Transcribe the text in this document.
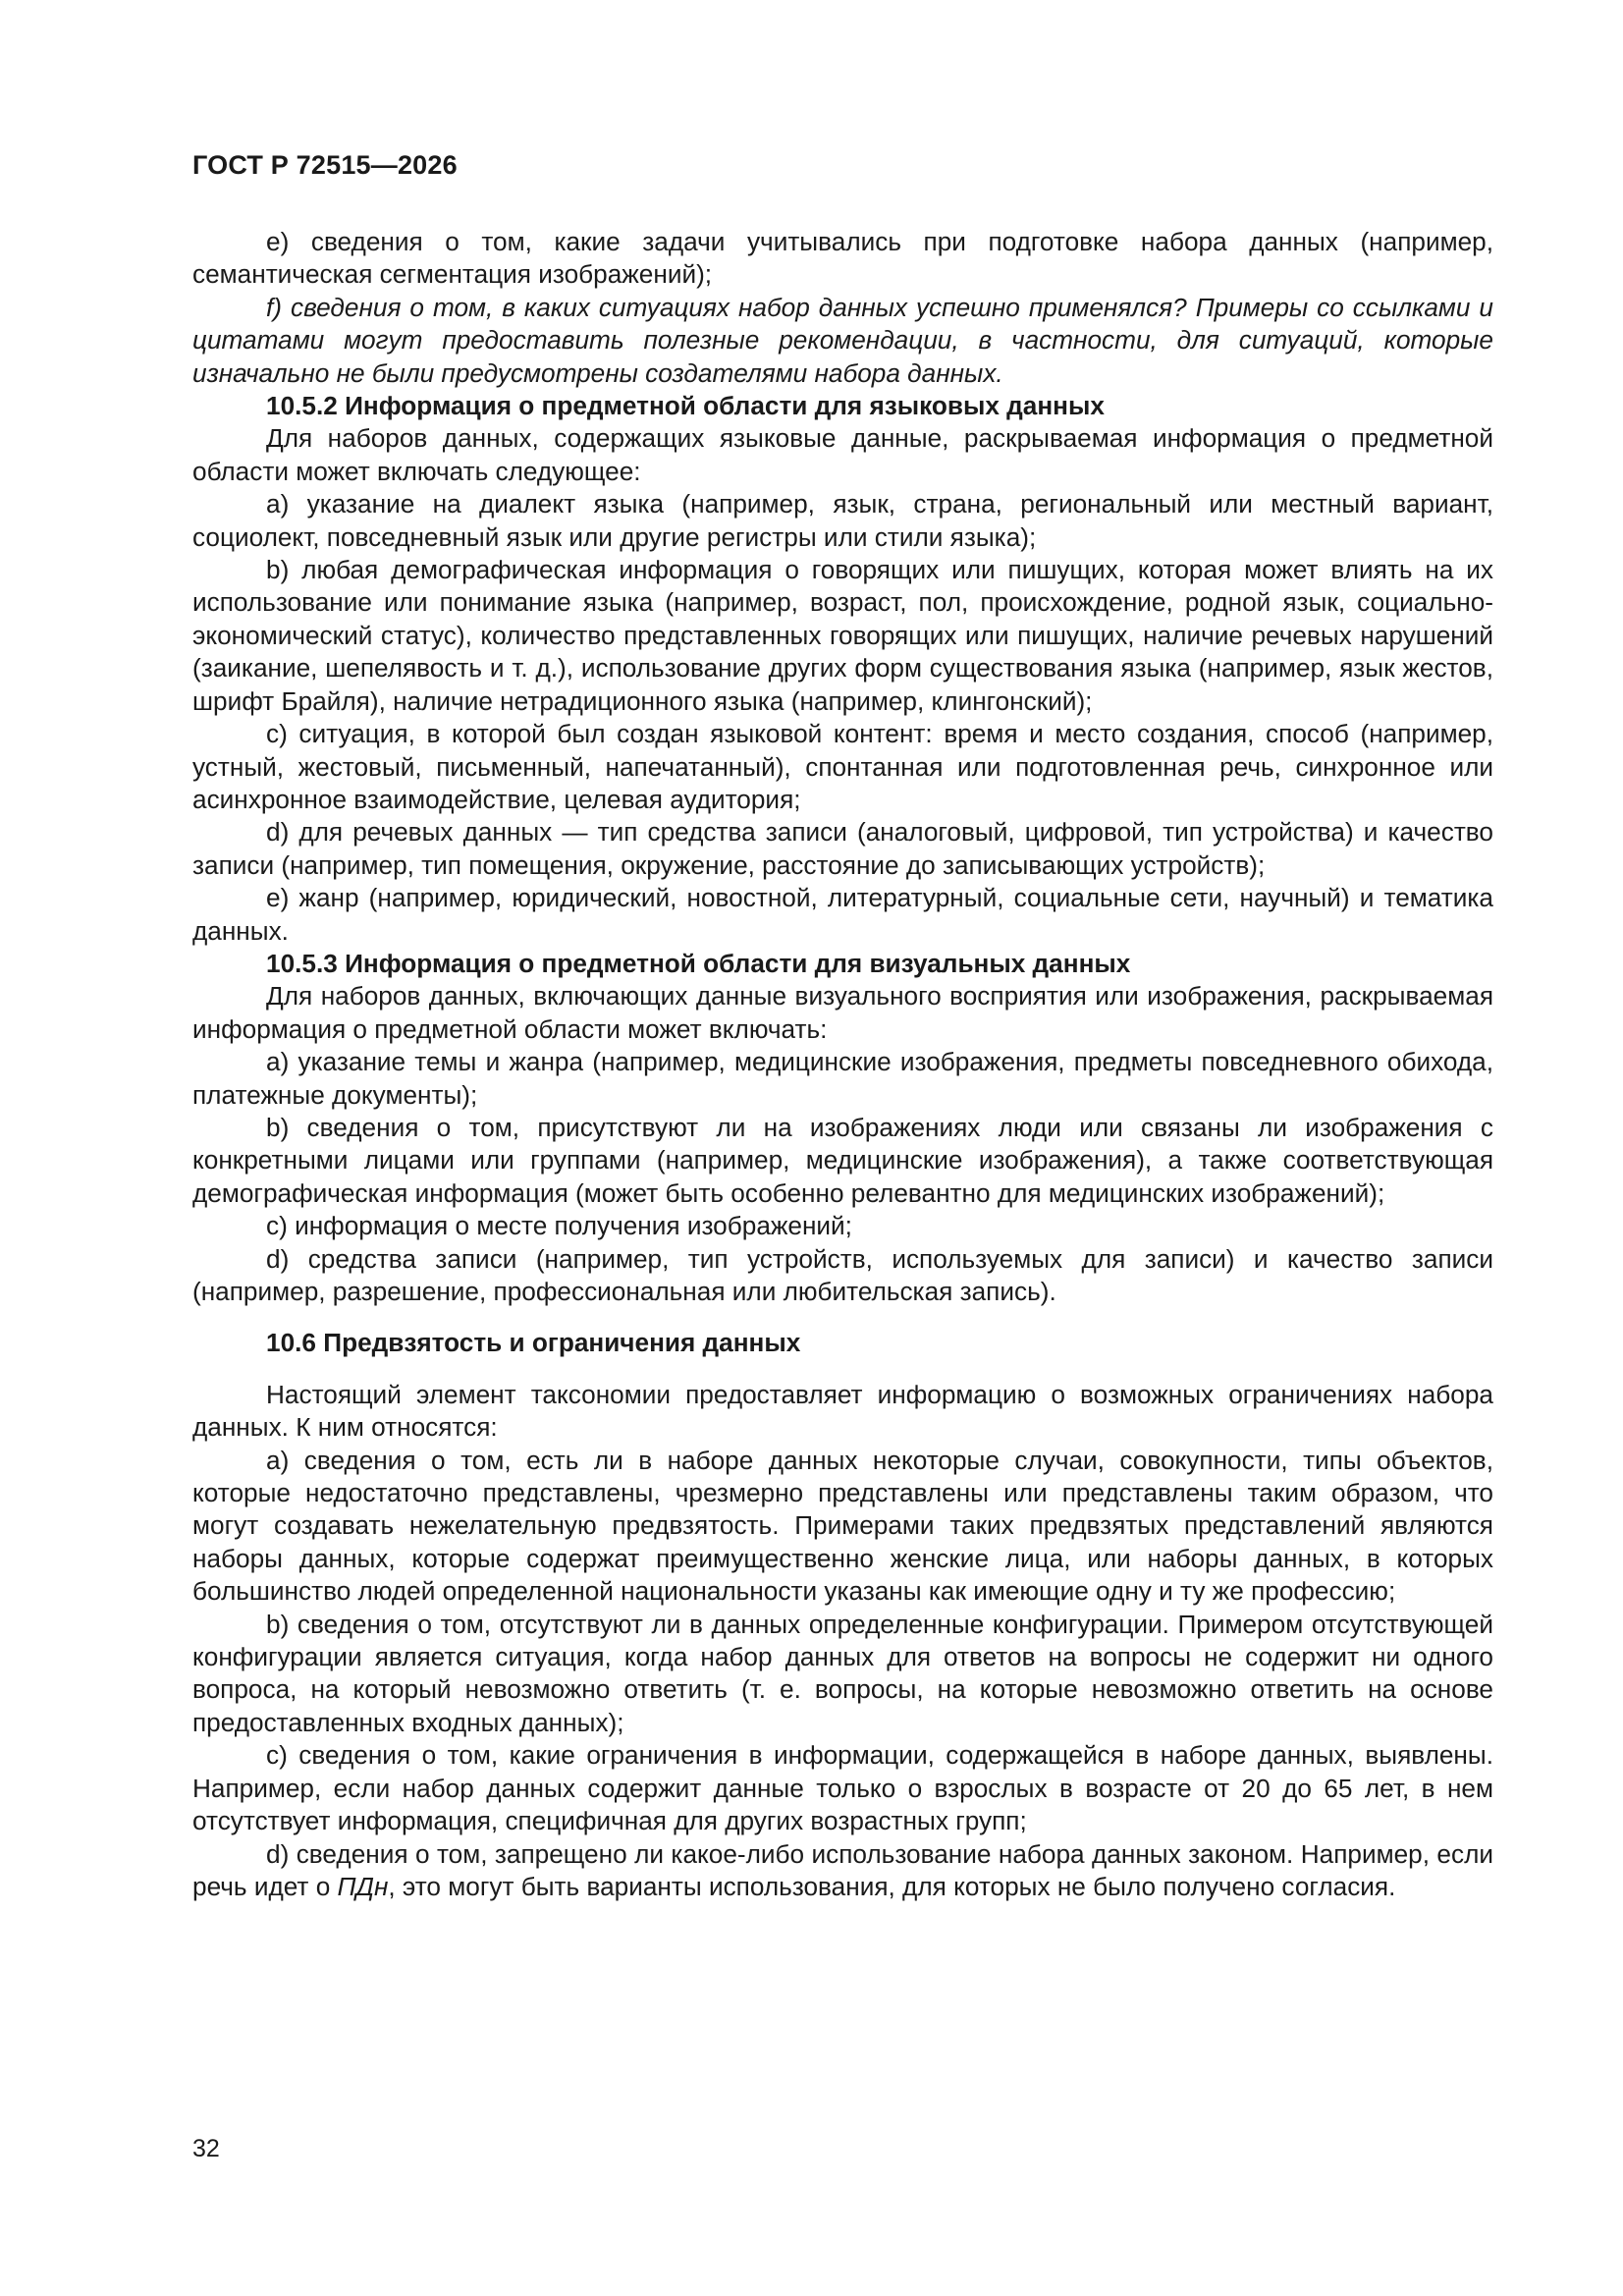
ГОСТ Р 72515—2026

e) сведения о том, какие задачи учитывались при подготовке набора данных (например, семантическая сегментация изображений);

f) сведения о том, в каких ситуациях набор данных успешно применялся? Примеры со ссылками и цитатами могут предоставить полезные рекомендации, в частности, для ситуаций, которые изначально не были предусмотрены создателями набора данных.

10.5.2 Информация о предметной области для языковых данных

Для наборов данных, содержащих языковые данные, раскрываемая информация о предметной области может включать следующее:

a) указание на диалект языка (например, язык, страна, региональный или местный вариант, социолект, повседневный язык или другие регистры или стили языка);

b) любая демографическая информация о говорящих или пишущих, которая может влиять на их использование или понимание языка (например, возраст, пол, происхождение, родной язык, социально-экономический статус), количество представленных говорящих или пишущих, наличие речевых нарушений (заикание, шепелявость и т. д.), использование других форм существования языка (например, язык жестов, шрифт Брайля), наличие нетрадиционного языка (например, клингонский);

c) ситуация, в которой был создан языковой контент: время и место создания, способ (например, устный, жестовый, письменный, напечатанный), спонтанная или подготовленная речь, синхронное или асинхронное взаимодействие, целевая аудитория;

d) для речевых данных — тип средства записи (аналоговый, цифровой, тип устройства) и качество записи (например, тип помещения, окружение, расстояние до записывающих устройств);

e) жанр (например, юридический, новостной, литературный, социальные сети, научный) и тематика данных.

10.5.3 Информация о предметной области для визуальных данных

Для наборов данных, включающих данные визуального восприятия или изображения, раскрываемая информация о предметной области может включать:

a) указание темы и жанра (например, медицинские изображения, предметы повседневного обихода, платежные документы);

b) сведения о том, присутствуют ли на изображениях люди или связаны ли изображения с конкретными лицами или группами (например, медицинские изображения), а также соответствующая демографическая информация (может быть особенно релевантно для медицинских изображений);

c) информация о месте получения изображений;

d) средства записи (например, тип устройств, используемых для записи) и качество записи (например, разрешение, профессиональная или любительская запись).

10.6 Предвзятость и ограничения данных

Настоящий элемент таксономии предоставляет информацию о возможных ограничениях набора данных. К ним относятся:

a) сведения о том, есть ли в наборе данных некоторые случаи, совокупности, типы объектов, которые недостаточно представлены, чрезмерно представлены или представлены таким образом, что могут создавать нежелательную предвзятость. Примерами таких предвзятых представлений являются наборы данных, которые содержат преимущественно женские лица, или наборы данных, в которых большинство людей определенной национальности указаны как имеющие одну и ту же профессию;

b) сведения о том, отсутствуют ли в данных определенные конфигурации. Примером отсутствующей конфигурации является ситуация, когда набор данных для ответов на вопросы не содержит ни одного вопроса, на который невозможно ответить (т. е. вопросы, на которые невозможно ответить на основе предоставленных входных данных);

c) сведения о том, какие ограничения в информации, содержащейся в наборе данных, выявлены. Например, если набор данных содержит данные только о взрослых в возрасте от 20 до 65 лет, в нем отсутствует информация, специфичная для других возрастных групп;

d) сведения о том, запрещено ли какое-либо использование набора данных законом. Например, если речь идет о ПДн, это могут быть варианты использования, для которых не было получено согласия.

32
